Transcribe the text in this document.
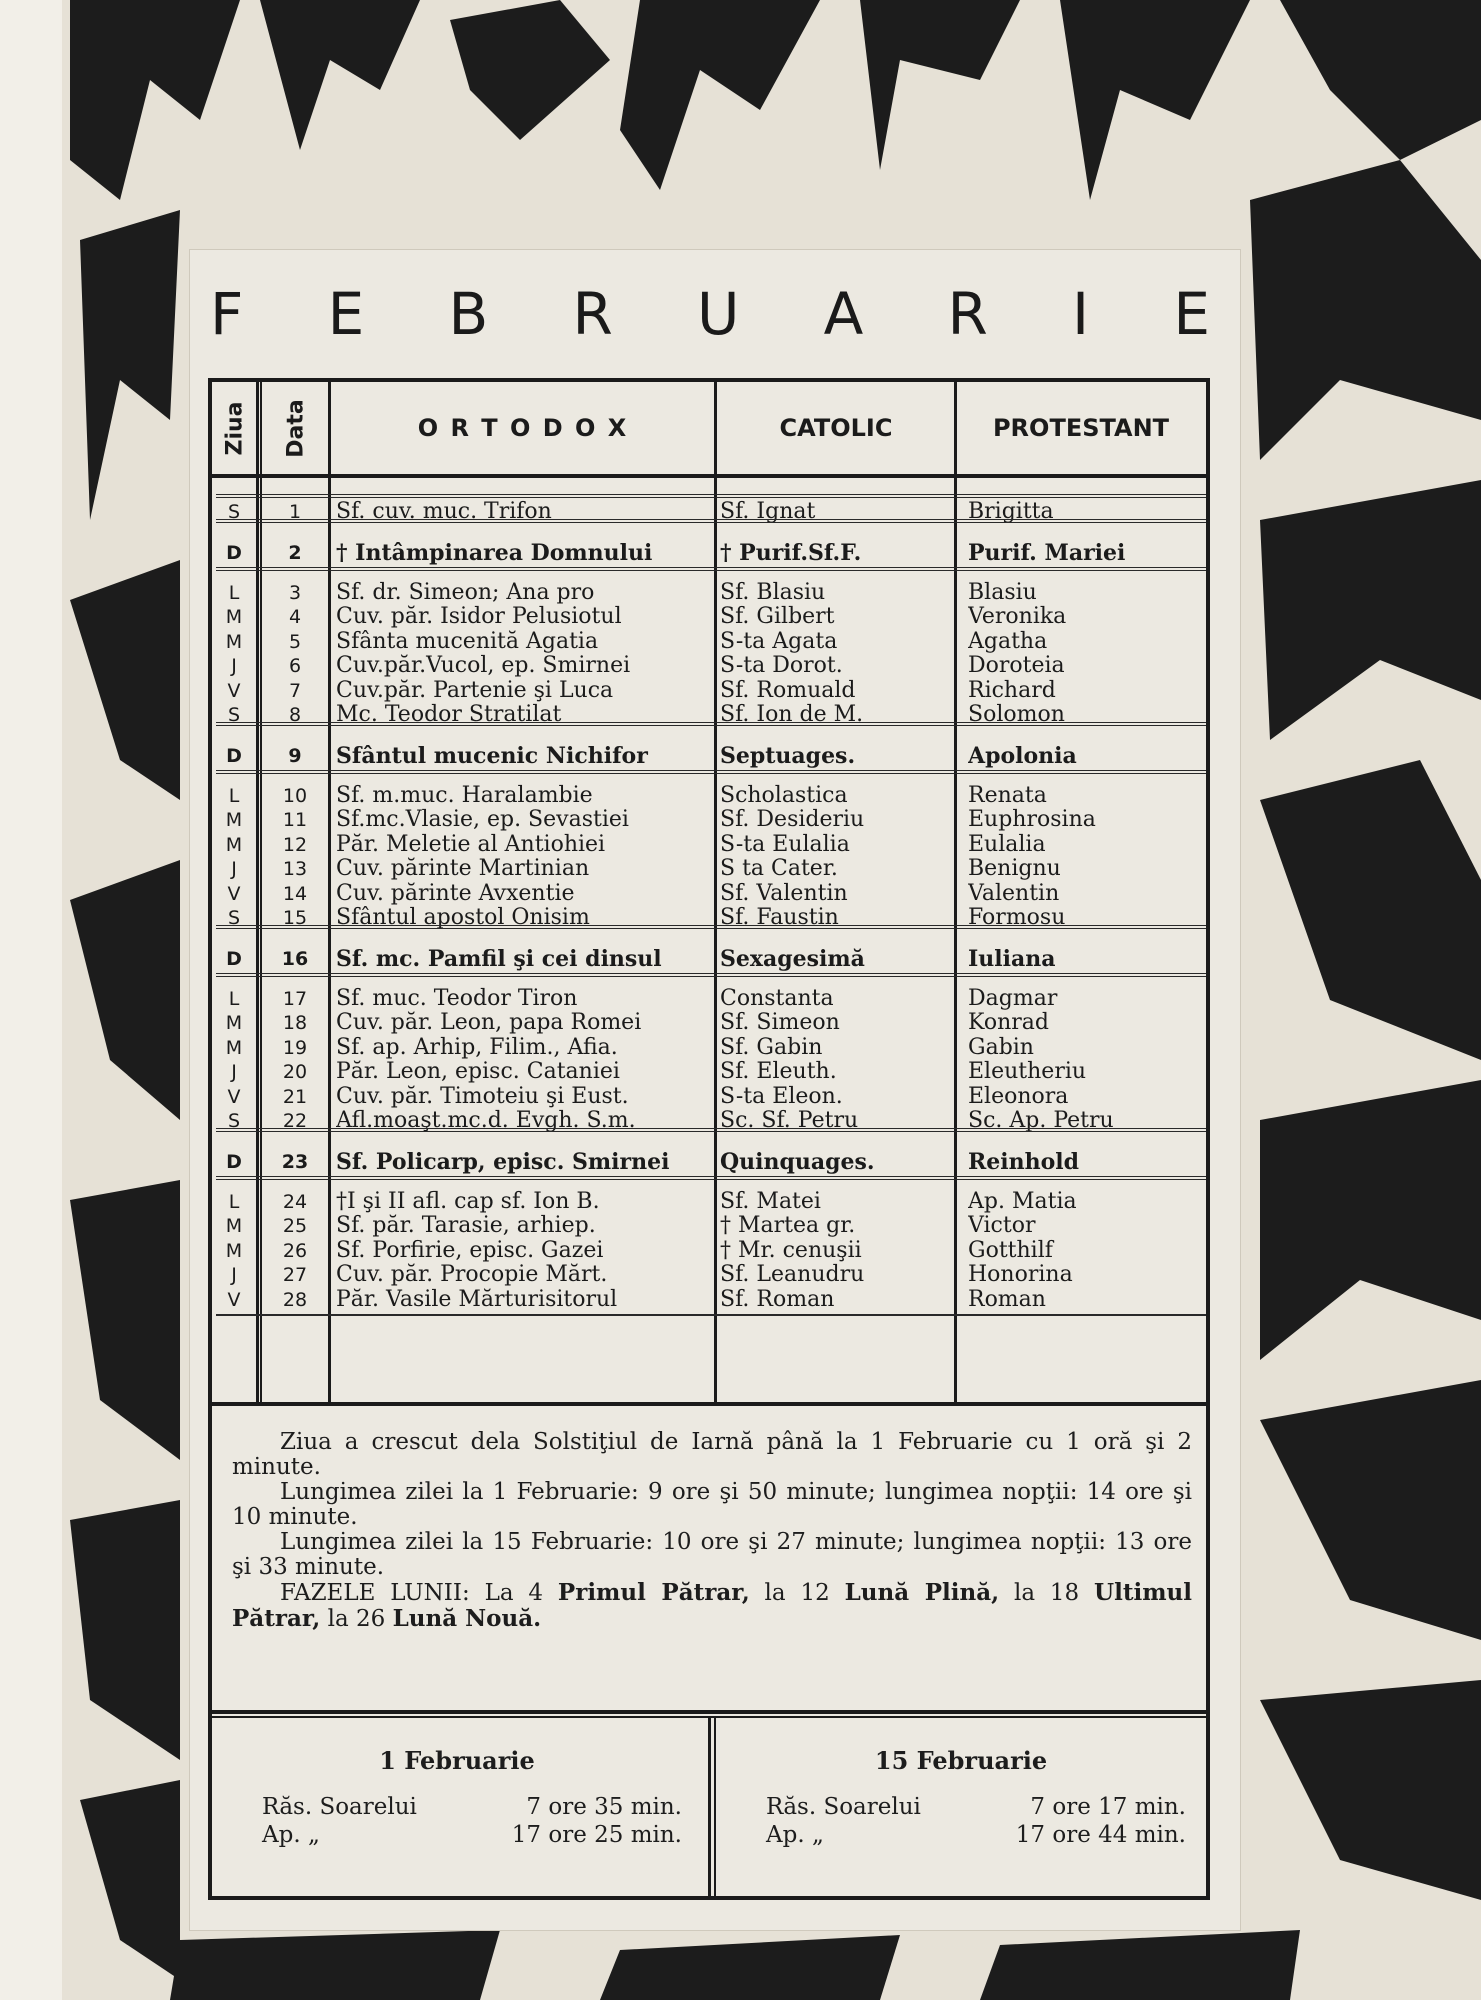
F E B R U A R I E
Ziua Data	O R T O D O X	CATOLIC	PROTESTANT
S	1	Sf. cuv. muc. Trifon	Sf. Ignat	Brigitta
D	2	† Intâmpinarea Domnului	† Purif.Sf.F.	Purif. Mariei
L	3	Sf. dr. Simeon; Ana pro	Sf. Blasiu	Blasiu
M	4	Cuv. păr. Isidor Pelusiotul	Sf. Gilbert	Veronika
M	5	Sfânta mucenită Agatia	S-ta Agata	Agatha
J	6	Cuv.păr.Vucol, ep. Smirnei	S-ta Dorot.	Doroteia
V	7	Cuv.păr. Partenie şi Luca	Sf. Romuald	Richard
S	8	Mc. Teodor Stratilat	Sf. Ion de M.	Solomon
D	9	Sfântul mucenic Nichifor	Septuages.	Apolonia
L	10	Sf. m.muc. Haralambie	Scholastica	Renata
M	11	Sf.mc.Vlasie, ep. Sevastiei	Sf. Desideriu	Euphrosina
M	12	Păr. Meletie al Antiohiei	S-ta Eulalia	Eulalia
J	13	Cuv. părinte Martinian	S ta Cater.	Benignu
V	14	Cuv. părinte Avxentie	Sf. Valentin	Valentin
S	15	Sfântul apostol Onisim	Sf. Faustin	Formosu
D	16	Sf. mc. Pamfil şi cei dinsul	Sexagesimă	Iuliana
L	17	Sf. muc. Teodor Tiron	Constanta	Dagmar
M	18	Cuv. păr. Leon, papa Romei	Sf. Simeon	Konrad
M	19	Sf. ap. Arhip, Filim., Afia.	Sf. Gabin	Gabin
J	20	Păr. Leon, episc. Cataniei	Sf. Eleuth.	Eleutheriu
V	21	Cuv. păr. Timoteiu şi Eust.	S-ta Eleon.	Eleonora
S	22	Afl.moaşt.mc.d. Evgh. S.m.	Sc. Sf. Petru	Sc. Ap. Petru
D	23	Sf. Policarp, episc. Smirnei	Quinquages.	Reinhold
L	24	†I şi II afl. cap sf. Ion B.	Sf. Matei	Ap. Matia
M	25	Sf. păr. Tarasie, arhiep.	† Martea gr.	Victor
M	26	Sf. Porfirie, episc. Gazei	† Mr. cenuşii	Gotthilf
J	27	Cuv. păr. Procopie Mărt.	Sf. Leanudru	Honorina
V	28	Păr. Vasile Mărturisitorul	Sf. Roman	Roman

Ziua a crescut dela Solstiţiul de Iarnă până la 1 Februarie cu 1 oră şi 2 minute.

Lungimea zilei la 1 Februarie: 9 ore şi 50 minute; lungimea nopţii: 14 ore şi 10 minute.

Lungimea zilei la 15 Februarie: 10 ore şi 27 minute; lungimea nopţii: 13 ore şi 33 minute.

FAZELE LUNII: La 4 Primul Pătrar, la 12 Lună Plină, la 18 Ultimul Pătrar, la 26 Lună Nouă.

1 Februarie
Răs. Soarelui	7 ore 35 min.
Ap. „	17 ore 25 min.
15 Februarie
Răs. Soarelui	7 ore 17 min.
Ap. „	17 ore 44 min.
